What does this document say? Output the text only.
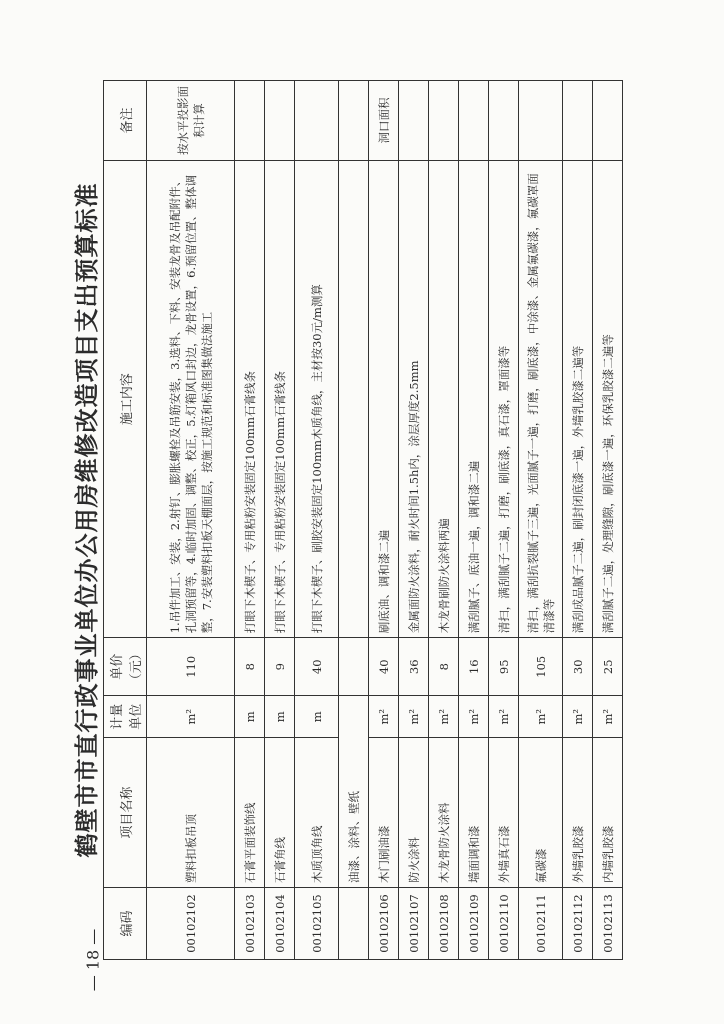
鹤壁市市直行政事业单位办公用房维修改造项目支出预算标准
编码	项目名称	计量单位	单价（元）	施工内容	备注
00102102	塑料扣板吊顶	m²	110	1.吊件加工、安装，2.射钉、膨胀螺栓及吊筋安装，3.选料、下料、安装龙骨及吊配附件、孔洞预留等，4.临时加固、调整、校正，5.灯箱风口封边，龙骨设置，6.预留位置、整体调整，7.安装塑料扣板天棚面层，按施工规范和标准图集做法施工	按水平投影面积计算
00102103	石膏平面装饰线	m	8	打眼下木楔子、专用粘粉安装固定100mm石膏线条	
00102104	石膏角线	m	9	打眼下木楔子、专用粘粉安装固定100mm石膏线条	
00102105	木质顶角线	m	40	打眼下木楔子、刷胶安装固定100mm木质角线，主材按30元/m测算	
	油漆、涂料、壁纸				
00102106	木门刷油漆	m²	40	刷底油、调和漆二遍	洞口面积
00102107	防火涂料	m²	36	金属面防火涂料，耐火时间1.5h内，涂层厚度2.5mm	
00102108	木龙骨防火涂料	m²	8	木龙骨刷防火涂料两遍	
00102109	墙面调和漆	m²	16	满刮腻子、底油一遍，调和漆二遍	
00102110	外墙真石漆	m²	95	清扫，满刮腻子二遍，打磨，刷底漆，真石漆，罩面漆等	
00102111	氟碳漆	m²	105	清扫，满刮抗裂腻子三遍，光面腻子一遍，打磨，刷底漆，中涂漆、金属氟碳漆，氟碳罩面清漆等	
00102112	外墙乳胶漆	m²	30	满刮成品腻子二遍，刷封闭底漆一遍，外墙乳胶漆二遍等	
00102113	内墙乳胶漆	m²	25	满刮腻子二遍，处理缝隙，刷底漆一遍，环保乳胶漆二遍等	
— 18 —
